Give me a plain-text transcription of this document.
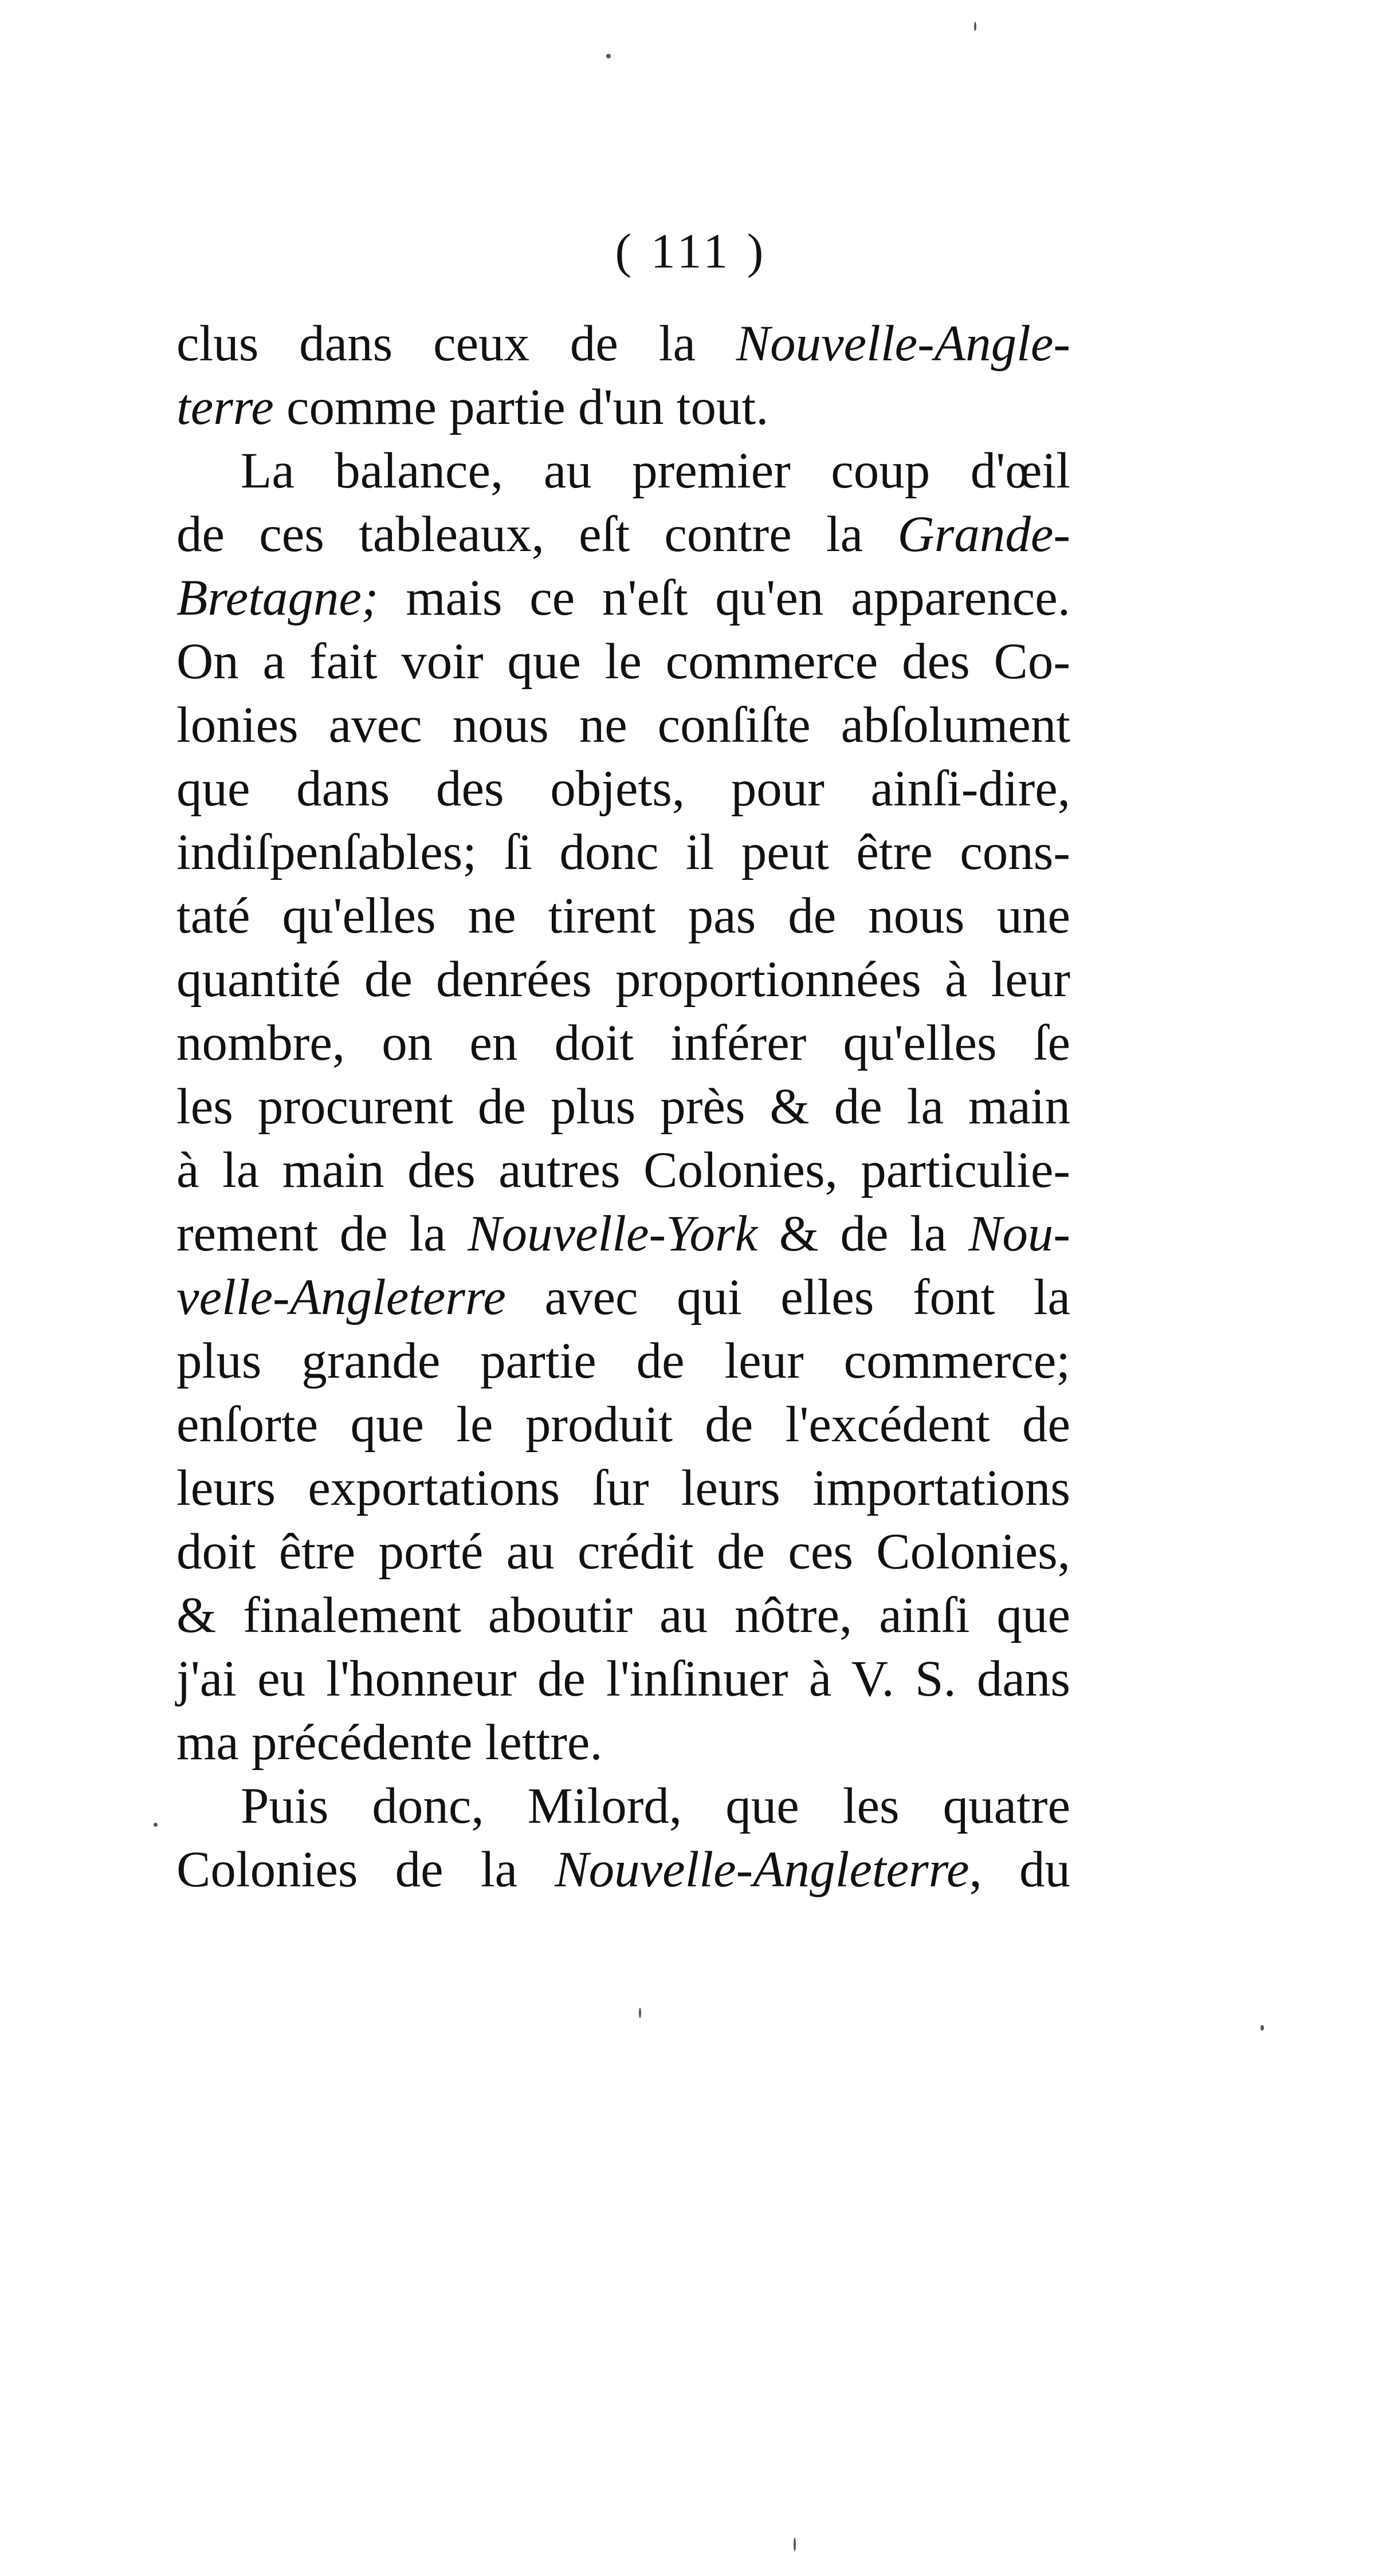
( 111 )
clus dans ceux de la Nouvelle-Angle-
terre comme partie d'un tout.
La balance, au premier coup d'œil
de ces tableaux, eſt contre la Grande-
Bretagne; mais ce n'eſt qu'en apparence.
On a fait voir que le commerce des Co-
lonies avec nous ne conſiſte abſolument
que dans des objets, pour ainſi-dire,
indiſpenſables; ſi donc il peut être cons-
taté qu'elles ne tirent pas de nous une
quantité de denrées proportionnées à leur
nombre, on en doit inférer qu'elles ſe
les procurent de plus près & de la main
à la main des autres Colonies, particulie-
rement de la Nouvelle-York & de la Nou-
velle-Angleterre avec qui elles font la
plus grande partie de leur commerce;
enſorte que le produit de l'excédent de
leurs exportations ſur leurs importations
doit être porté au crédit de ces Colonies,
& finalement aboutir au nôtre, ainſi que
j'ai eu l'honneur de l'inſinuer à V. S. dans
ma précédente lettre.
Puis donc, Milord, que les quatre
Colonies de la Nouvelle-Angleterre, du
